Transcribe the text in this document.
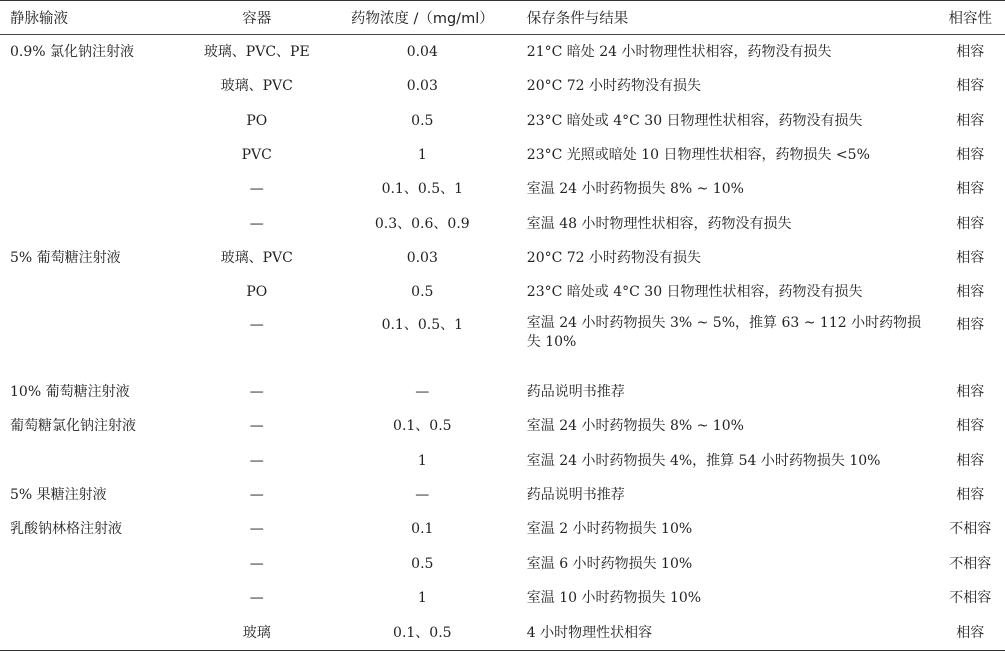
静脉输液	容器	药物浓度 /（mg/ml）	保存条件与结果	相容性
0.9% 氯化钠注射液	玻璃、PVC、PE	0.04	21°C 暗处 24 小时物理性状相容，药物没有损失	相容
	玻璃、PVC	0.03	20°C 72 小时药物没有损失	相容
	PO	0.5	23°C 暗处或 4°C 30 日物理性状相容，药物没有损失	相容
	PVC	1	23°C 光照或暗处 10 日物理性状相容，药物损失 <5%	相容
	—	0.1、0.5、1	室温 24 小时药物损失 8% ~ 10%	相容
	—	0.3、0.6、0.9	室温 48 小时物理性状相容，药物没有损失	相容
5% 葡萄糖注射液	玻璃、PVC	0.03	20°C 72 小时药物没有损失	相容
	PO	0.5	23°C 暗处或 4°C 30 日物理性状相容，药物没有损失	相容
	—	0.1、0.5、1	室温 24 小时药物损失 3% ~ 5%，推算 63 ~ 112 小时药物损失 10%	相容
10% 葡萄糖注射液	—	—	药品说明书推荐	相容
葡萄糖氯化钠注射液	—	0.1、0.5	室温 24 小时药物损失 8% ~ 10%	相容
	—	1	室温 24 小时药物损失 4%，推算 54 小时药物损失 10%	相容
5% 果糖注射液	—	—	药品说明书推荐	相容
乳酸钠林格注射液	—	0.1	室温 2 小时药物损失 10%	不相容
	—	0.5	室温 6 小时药物损失 10%	不相容
	—	1	室温 10 小时药物损失 10%	不相容
	玻璃	0.1、0.5	4 小时物理性状相容	相容
